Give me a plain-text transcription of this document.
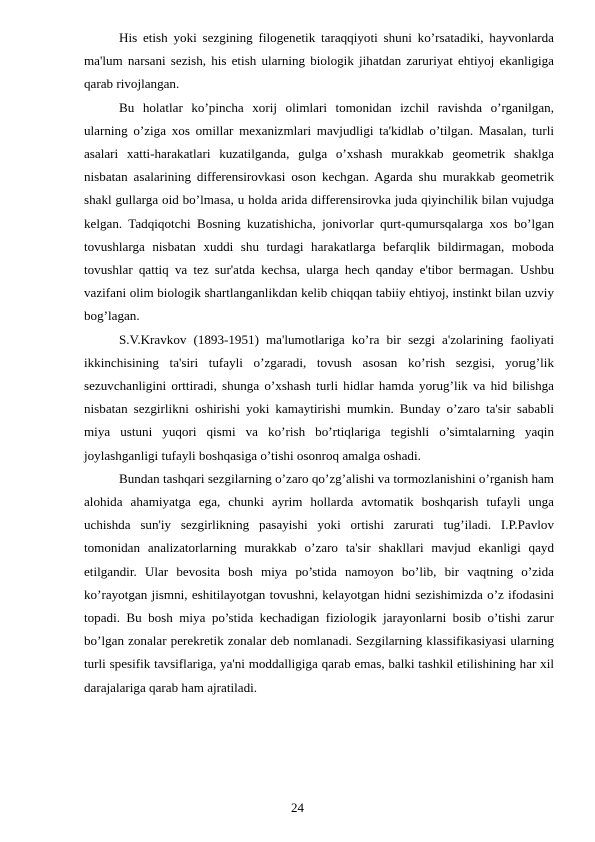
His etish yoki sezgining filogenetik taraqqiyoti shuni ko’rsatadiki, hayvonlarda ma'lum narsani sezish, his etish ularning biologik jihatdan zaruriyat ehtiyoj ekanligiga qarab rivojlangan.

Bu holatlar ko’pincha xorij olimlari tomonidan izchil ravishda o’rganilgan, ularning o’ziga xos omillar mexanizmlari mavjudligi ta'kidlab o’tilgan. Masalan, turli asalari xatti-harakatlari kuzatilganda, gulga o’xshash murakkab geometrik shaklga nisbatan asalarining differensirovkasi oson kechgan. Agarda shu murakkab geometrik shakl gullarga oid bo’lmasa, u holda arida differensirovka juda qiyinchilik bilan vujudga kelgan. Tadqiqotchi Bosning kuzatishicha, jonivorlar qurt-qumursqalarga xos bo’lgan tovushlarga nisbatan xuddi shu turdagi harakatlarga befarqlik bildirmagan, moboda tovushlar qattiq va tez sur'atda kechsa, ularga hech qanday e'tibor bermagan. Ushbu vazifani olim biologik shartlanganlikdan kelib chiqqan tabiiy ehtiyoj, instinkt bilan uzviy bog’lagan.

S.V.Kravkov (1893-1951) ma'lumotlariga ko’ra bir sezgi a'zolarining faoliyati ikkinchisining ta'siri tufayli o’zgaradi, tovush asosan ko’rish sezgisi, yorug’lik sezuvchanligini orttiradi, shunga o’xshash turli hidlar hamda yorug’lik va hid bilishga nisbatan sezgirlikni oshirishi yoki kamaytirishi mumkin. Bunday o’zaro ta'sir sababli miya ustuni yuqori qismi va ko’rish bo’rtiqlariga tegishli o’simtalarning yaqin joylashganligi tufayli boshqasiga o’tishi osonroq amalga oshadi.

Bundan tashqari sezgilarning o’zaro qo’zg’alishi va tormozlanishini o’rganish ham alohida ahamiyatga ega, chunki ayrim hollarda avtomatik boshqarish tufayli unga uchishda sun'iy sezgirlikning pasayishi yoki ortishi zarurati tug’iladi. I.P.Pavlov tomonidan analizatorlarning murakkab o’zaro ta'sir shakllari mavjud ekanligi qayd etilgandir. Ular bevosita bosh miya po’stida namoyon bo’lib, bir vaqtning o’zida ko’rayotgan jismni, eshitilayotgan tovushni, kelayotgan hidni sezishimizda o’z ifodasini topadi. Bu bosh miya po’stida kechadigan fiziologik jarayonlarni bosib o’tishi zarur bo’lgan zonalar perekretik zonalar deb nomlanadi. Sezgilarning klassifikasiyasi ularning turli spesifik tavsiflariga, ya'ni moddalligiga qarab emas, balki tashkil etilishining har xil darajalariga qarab ham ajratiladi.

24
